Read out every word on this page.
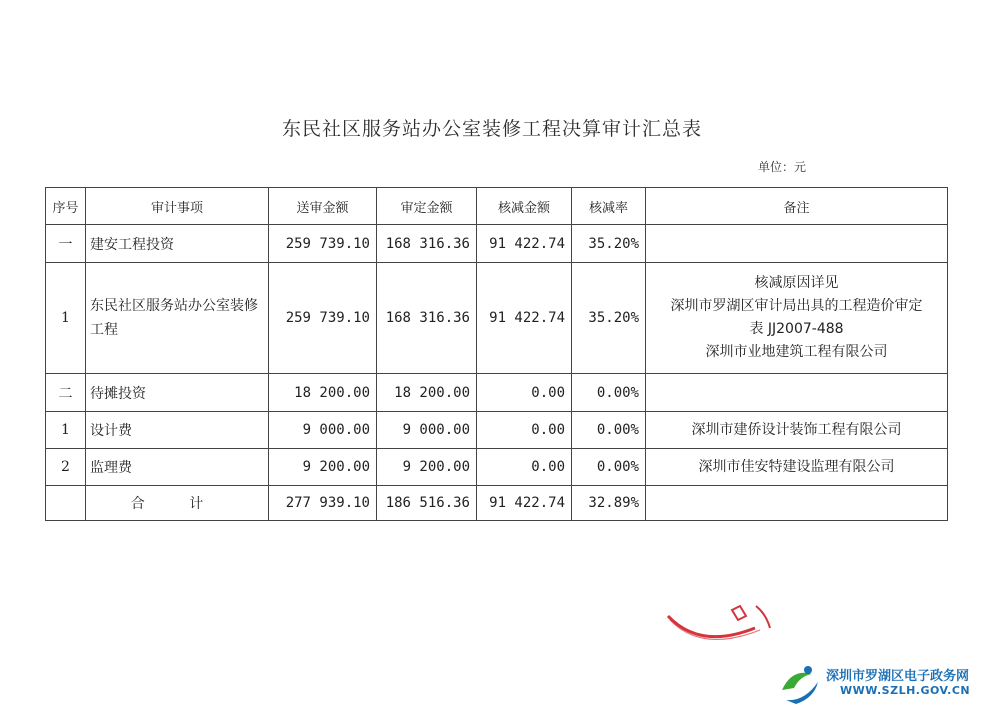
东民社区服务站办公室装修工程决算审计汇总表
单位：元
序号	审计事项	送审金额	审定金额	核减金额	核减率	备注
一	建安工程投资	259 739.10	168 316.36	91 422.74	35.20%	
1	东民社区服务站办公室装修工程	259 739.10	168 316.36	91 422.74	35.20%	核减原因详见
深圳市罗湖区审计局出具的工程造价审定
表 JJ2007-488
深圳市业地建筑工程有限公司

二	待摊投资	18 200.00	18 200.00	0.00	0.00%	
1	设计费	9 000.00	9 000.00	0.00	0.00%	深圳市建侨设计装饰工程有限公司
2	监理费	9 200.00	9 200.00	0.00	0.00%	深圳市佳安特建设监理有限公司
	合 计	277 939.10	186 516.36	91 422.74	32.89%	
深圳市罗湖区电子政务网
WWW.SZLH.GOV.CN
